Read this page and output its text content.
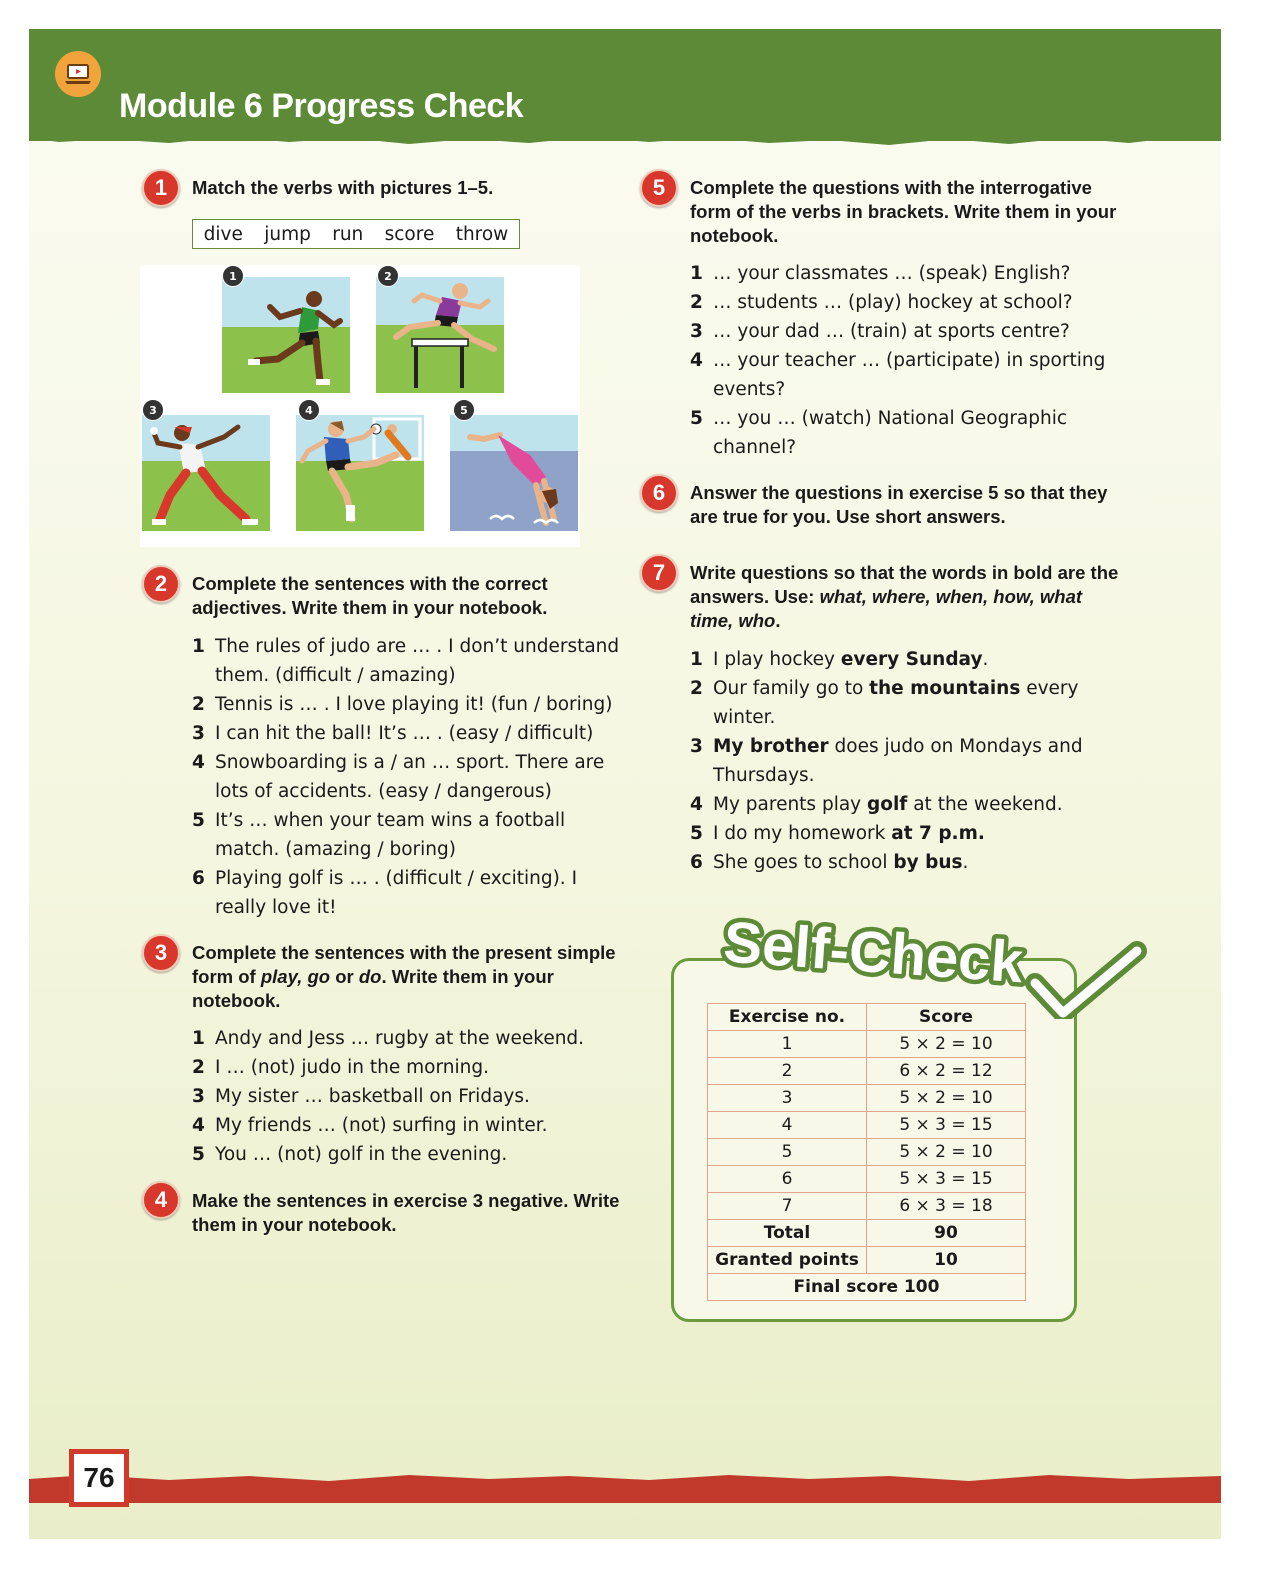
Module 6 Progress Check
1	Match the verbs with pictures 1–5.
dive jump run score throw
1	2
3	4	5
2	Complete the sentences with the correct adjectives. Write them in your notebook.
1 The rules of judo are … . I don’t understand them. (difficult / amazing)
2 Tennis is … . I love playing it! (fun / boring)
3 I can hit the ball! It’s … . (easy / difficult)
4 Snowboarding is a / an … sport. There are lots of accidents. (easy / dangerous)
5 It’s … when your team wins a football match. (amazing / boring)
6 Playing golf is … . (difficult / exciting). I really love it!
3	Complete the sentences with the present simple form of play, go or do. Write them in your notebook.
1 Andy and Jess … rugby at the weekend.
2 I … (not) judo in the morning.
3 My sister … basketball on Fridays.
4 My friends … (not) surfing in winter.
5 You … (not) golf in the evening.
4	Make the sentences in exercise 3 negative. Write them in your notebook.
5	Complete the questions with the interrogative form of the verbs in brackets. Write them in your notebook.
1 … your classmates … (speak) English?
2 … students … (play) hockey at school?
3 … your dad … (train) at sports centre?
4 … your teacher … (participate) in sporting events?
5 … you … (watch) National Geographic channel?
6	Answer the questions in exercise 5 so that they are true for you. Use short answers.
7	Write questions so that the words in bold are the answers. Use: what, where, when, how, what time, who.
1 I play hockey every Sunday.
2 Our family go to the mountains every winter.
3 My brother does judo on Mondays and Thursdays.
4 My parents play golf at the weekend.
5 I do my homework at 7 p.m.
6 She goes to school by bus.
Self-Check
Exercise no.	Score
1	5 × 2 = 10
2	6 × 2 = 12
3	5 × 2 = 10
4	5 × 3 = 15
5	5 × 2 = 10
6	5 × 3 = 15
7	6 × 3 = 18
Total	90
Granted points	10
Final score 100	
76
